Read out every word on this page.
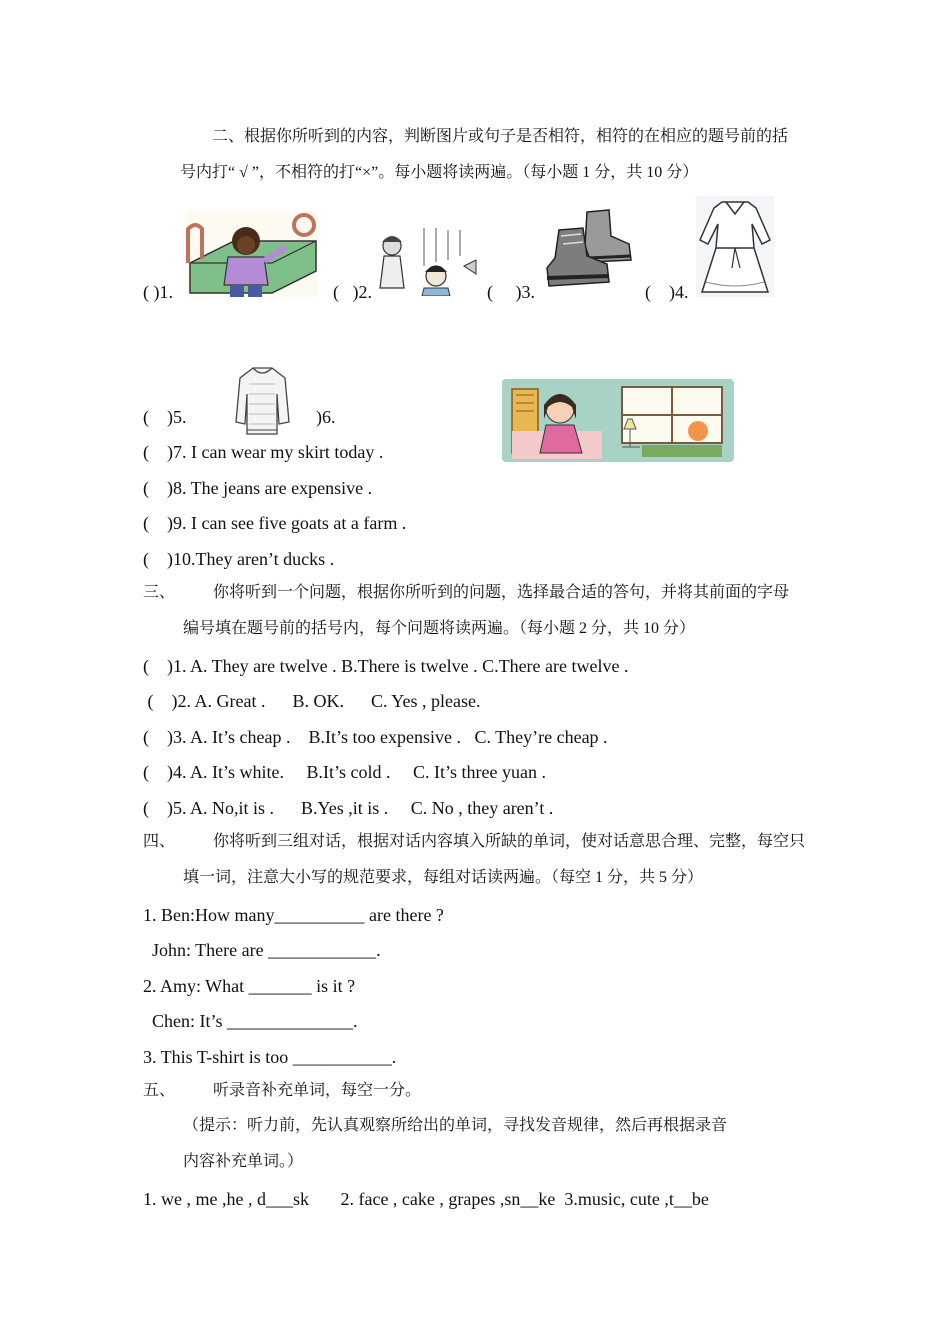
二、根据你所听到的内容，判断图片或句子是否相符，相符的在相应的题号前的括
号内打“ √ ”，不相符的打“×”。每小题将读两遍。（每小题 1 分，共 10 分）
( )1.	(   )2.	(     )3.	(    )4.
(    )5.	)6.
(    )7. I can wear my skirt today .
(    )8. The jeans are expensive .
(    )9. I can see five goats at a farm .
(    )10.They aren’t ducks .
三、 你将听到一个问题，根据你所听到的问题，选择最合适的答句，并将其前面的字母
编号填在题号前的括号内，每个问题将读两遍。（每小题 2 分，共 10 分）
(    )1. A. They are twelve . B.There is twelve . C.There are twelve .
(    )2. A. Great .      B. OK.      C. Yes , please.
(    )3. A. It’s cheap .    B.It’s too expensive .   C. They’re cheap .
(    )4. A. It’s white.     B.It’s cold .     C. It’s three yuan .
(    )5. A. No,it is .      B.Yes ,it is .     C. No , they aren’t .
四、 你将听到三组对话，根据对话内容填入所缺的单词，使对话意思合理、完整，每空只
填一词，注意大小写的规范要求，每组对话读两遍。（每空 1 分，共 5 分）
1. Ben:How many__________ are there ?
John: There are ____________.
2. Amy: What _______ is it ?
Chen: It’s ______________.
3. This T-shirt is too ___________.
五、 听录音补充单词，每空一分。
（提示：听力前，先认真观察所给出的单词，寻找发音规律，然后再根据录音
内容补充单词。）
1. we , me ,he , d___sk       2. face , cake , grapes ,sn__ke  3.music, cute ,t__be
